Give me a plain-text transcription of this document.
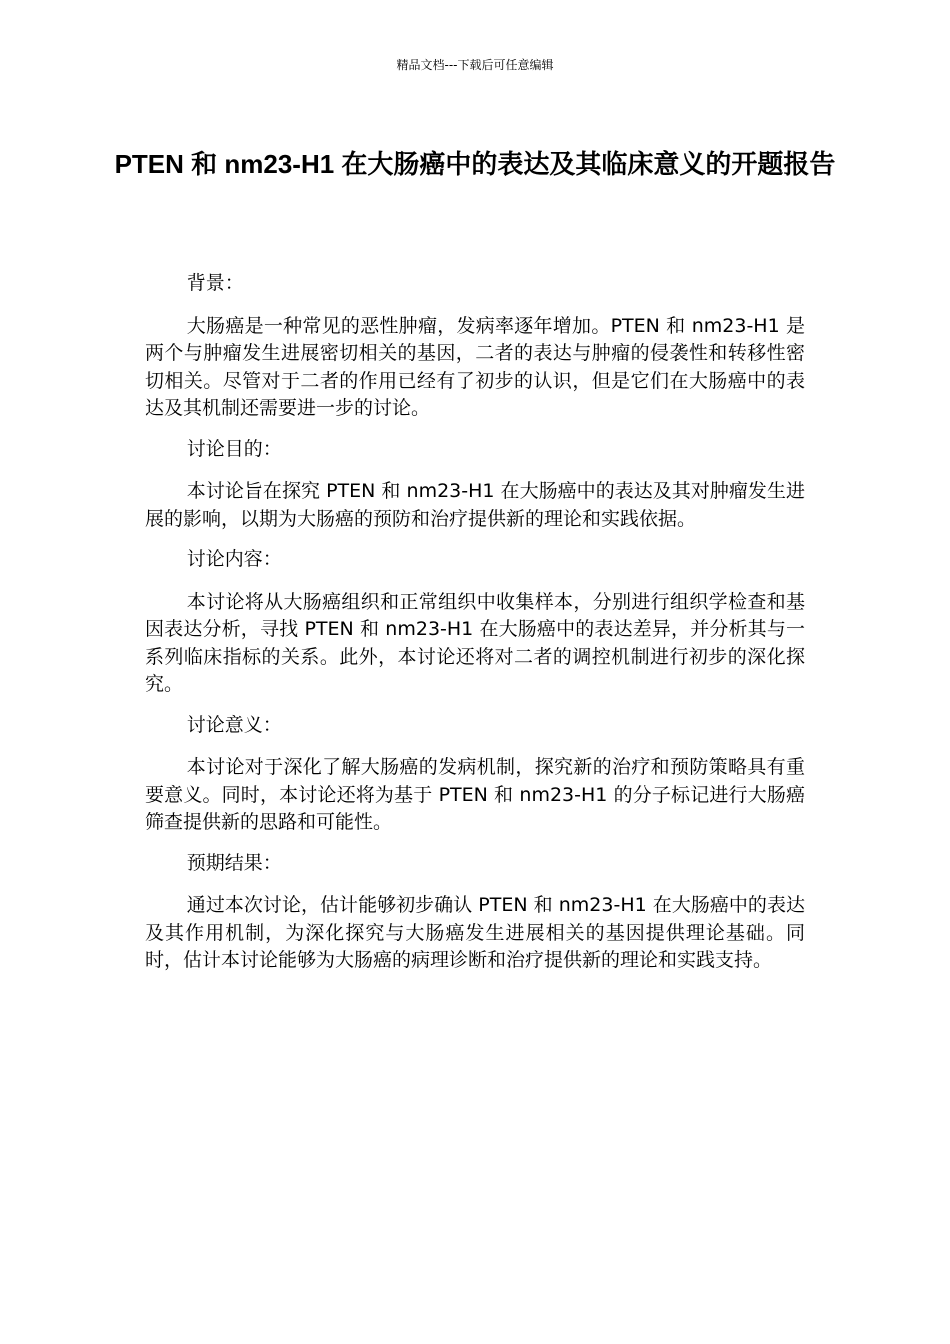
精品文档---下载后可任意编辑
PTEN 和 nm23-H1 在大肠癌中的表达及其临床意义的开题报告

背景：

大肠癌是一种常见的恶性肿瘤，发病率逐年增加。PTEN 和 nm23-H1 是两个与肿瘤发生进展密切相关的基因，二者的表达与肿瘤的侵袭性和转移性密切相关。尽管对于二者的作用已经有了初步的认识，但是它们在大肠癌中的表达及其机制还需要进一步的讨论。

讨论目的：

本讨论旨在探究 PTEN 和 nm23-H1 在大肠癌中的表达及其对肿瘤发生进展的影响，以期为大肠癌的预防和治疗提供新的理论和实践依据。

讨论内容：

本讨论将从大肠癌组织和正常组织中收集样本，分别进行组织学检查和基因表达分析，寻找 PTEN 和 nm23-H1 在大肠癌中的表达差异，并分析其与一系列临床指标的关系。此外，本讨论还将对二者的调控机制进行初步的深化探究。

讨论意义：

本讨论对于深化了解大肠癌的发病机制，探究新的治疗和预防策略具有重要意义。同时，本讨论还将为基于 PTEN 和 nm23-H1 的分子标记进行大肠癌筛查提供新的思路和可能性。

预期结果：

通过本次讨论，估计能够初步确认 PTEN 和 nm23-H1 在大肠癌中的表达及其作用机制，为深化探究与大肠癌发生进展相关的基因提供理论基础。同时，估计本讨论能够为大肠癌的病理诊断和治疗提供新的理论和实践支持。
